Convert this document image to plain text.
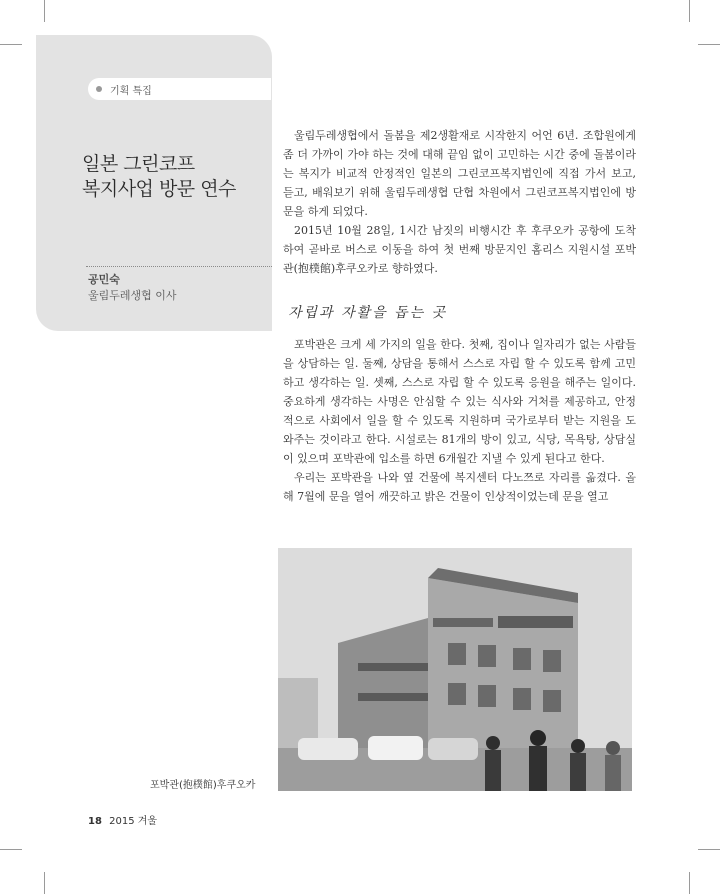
기획 특집
일본 그린코프
복지사업 방문 연수
공민숙
울림두레생협 이사

울림두레생협에서 돌봄을 제2생활재로 시작한지 어언 6년. 조합원에게 좀 더 가까이 가야 하는 것에 대해 끝임 없이 고민하는 시간 중에 돌봄이라는 복지가 비교적 안정적인 일본의 그린코프복지법인에 직접 가서 보고, 듣고, 배워보기 위해 울림두레생협 단협 차원에서 그린코프복지법인에 방문을 하게 되었다.

2015년 10월 28일, 1시간 남짓의 비행시간 후 후쿠오카 공항에 도착하여 곧바로 버스로 이동을 하여 첫 번째 방문지인 홈리스 지원시설 포박관(抱樸館)후쿠오카로 향하였다.

자립과 자활을 돕는 곳

포박관은 크게 세 가지의 일을 한다. 첫째, 집이나 일자리가 없는 사람들을 상담하는 일. 둘째, 상담을 통해서 스스로 자립 할 수 있도록 함께 고민하고 생각하는 일. 셋째, 스스로 자립 할 수 있도록 응원을 해주는 일이다. 중요하게 생각하는 사명은 안심할 수 있는 식사와 거처를 제공하고, 안정적으로 사회에서 일을 할 수 있도록 지원하며 국가로부터 받는 지원을 도와주는 것이라고 한다. 시설로는 81개의 방이 있고, 식당, 목욕탕, 상담실이 있으며 포박관에 입소를 하면 6개월간 지낼 수 있게 된다고 한다.

우리는 포박관을 나와 옆 건물에 복지센터 다노쯔로 자리를 옮겼다. 올해 7월에 문을 열어 깨끗하고 밝은 건물이 인상적이었는데 문을 열고

포박관(抱樸館)후쿠오카
18 2015 겨울
